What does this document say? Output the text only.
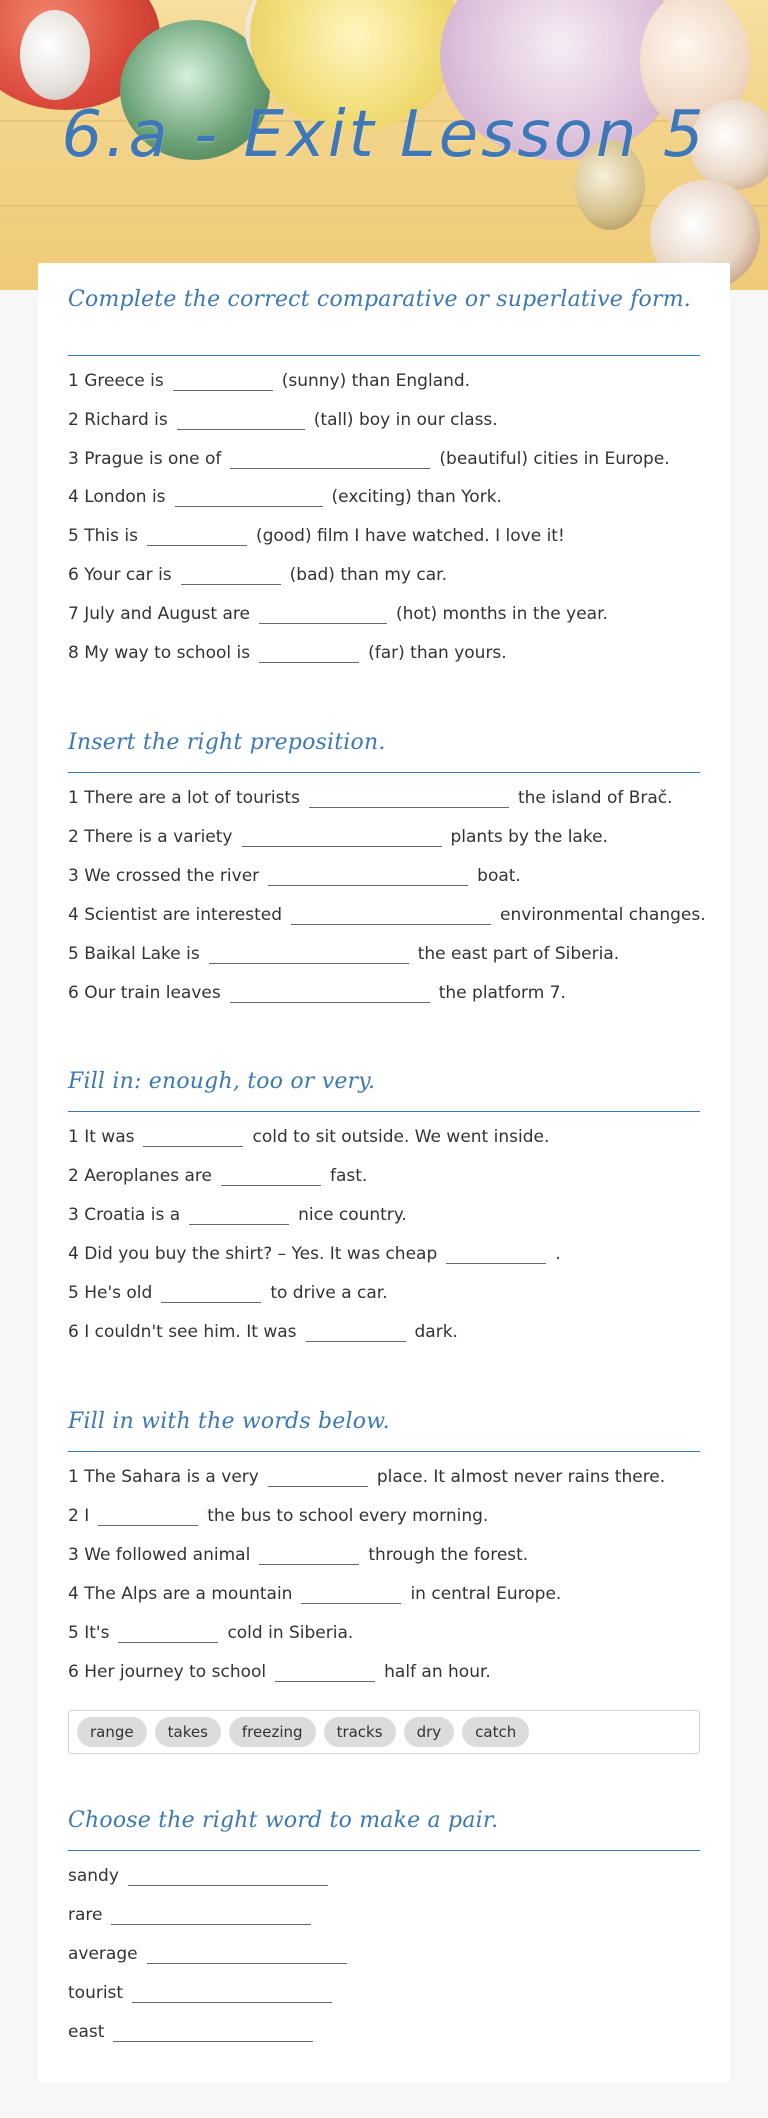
6.a - Exit Lesson 5
Complete the correct comparative or superlative form.
1 Greece is	(sunny) than England.
2 Richard is	(tall) boy in our class.
3 Prague is one of	(beautiful) cities in Europe.
4 London is	(exciting) than York.
5 This is	(good) film I have watched. I love it!
6 Your car is	(bad) than my car.
7 July and August are	(hot) months in the year.
8 My way to school is	(far) than yours.
Insert the right preposition.
1 There are a lot of tourists	the island of Brač.
2 There is a variety	plants by the lake.
3 We crossed the river	boat.
4 Scientist are interested	environmental changes.
5 Baikal Lake is	the east part of Siberia.
6 Our train leaves	the platform 7.
Fill in: enough, too or very.
1 It was	cold to sit outside. We went inside.
2 Aeroplanes are	fast.
3 Croatia is a	nice country.
4 Did you buy the shirt? – Yes. It was cheap	.
5 He's old	to drive a car.
6 I couldn't see him. It was	dark.
Fill in with the words below.
1 The Sahara is a very	place. It almost never rains there.
2 I	the bus to school every morning.
3 We followed animal	through the forest.
4 The Alps are a mountain	in central Europe.
5 It's	cold in Siberia.
6 Her journey to school	half an hour.
range	takes	freezing	tracks	dry	catch
Choose the right word to make a pair.
sandy
rare
average
tourist
east
